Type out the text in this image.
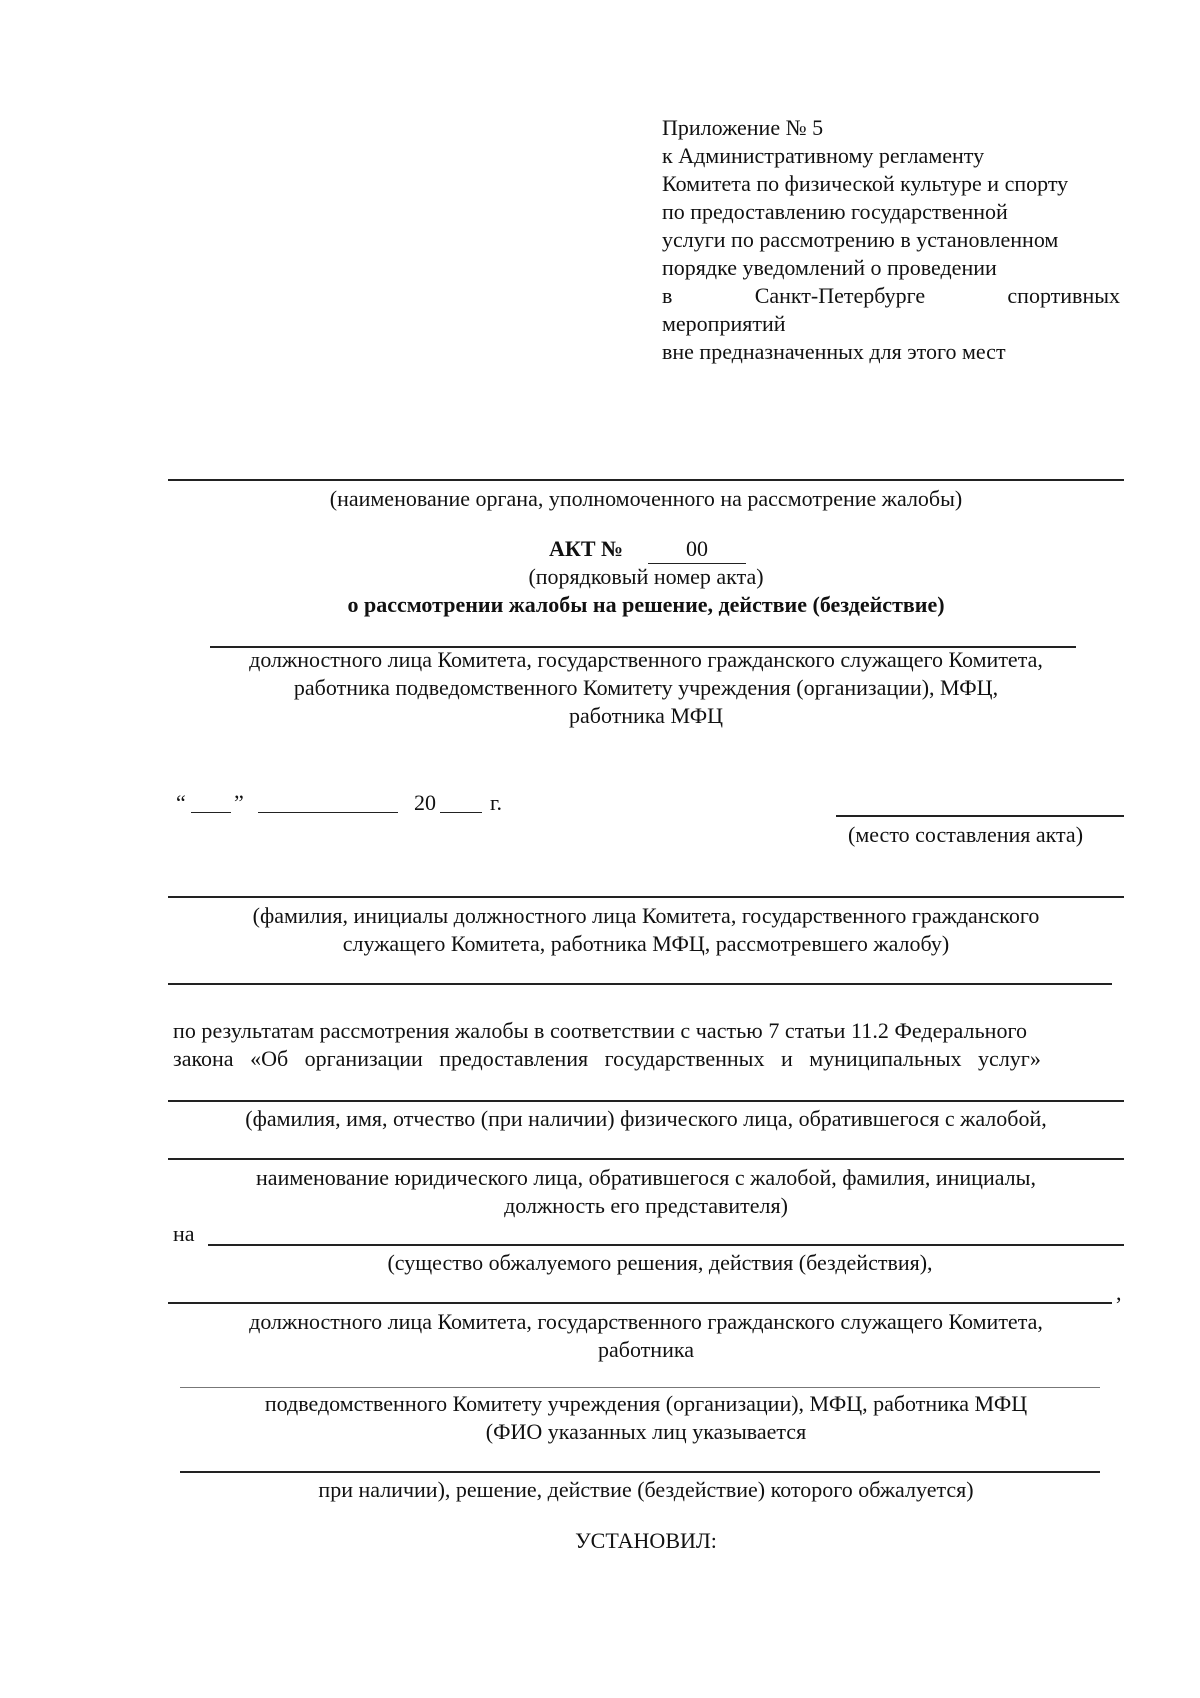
Приложение № 5
к Административному регламенту
Комитета по физической культуре и спорту
по предоставлению государственной
услуги по рассмотрению в установленном
порядке уведомлений о проведении
в	Санкт-Петербурге	спортивных
мероприятий
вне предназначенных для этого мест
(наименование органа, уполномоченного на рассмотрение жалобы)
АКТ №	00
(порядковый номер акта)
о рассмотрении жалобы на решение, действие (бездействие)
должностного лица Комитета, государственного гражданского служащего Комитета,
работника подведомственного Комитету учреждения (организации), МФЦ,
работника МФЦ
“ ”	20 г.
(место составления акта)
(фамилия, инициалы должностного лица Комитета, государственного гражданского
служащего Комитета, работника МФЦ, рассмотревшего жалобу)
по результатам рассмотрения жалобы в соответствии с частью 7 статьи 11.2 Федерального
закона «Об организации предоставления государственных и муниципальных услуг»
(фамилия, имя, отчество (при наличии) физического лица, обратившегося с жалобой,
наименование юридического лица, обратившегося с жалобой, фамилия, инициалы,
должность его представителя)
на
(существо обжалуемого решения, действия (бездействия),
,
должностного лица Комитета, государственного гражданского служащего Комитета,
работника
подведомственного Комитету учреждения (организации), МФЦ, работника МФЦ
(ФИО указанных лиц указывается
при наличии), решение, действие (бездействие) которого обжалуется)
УСТАНОВИЛ:
